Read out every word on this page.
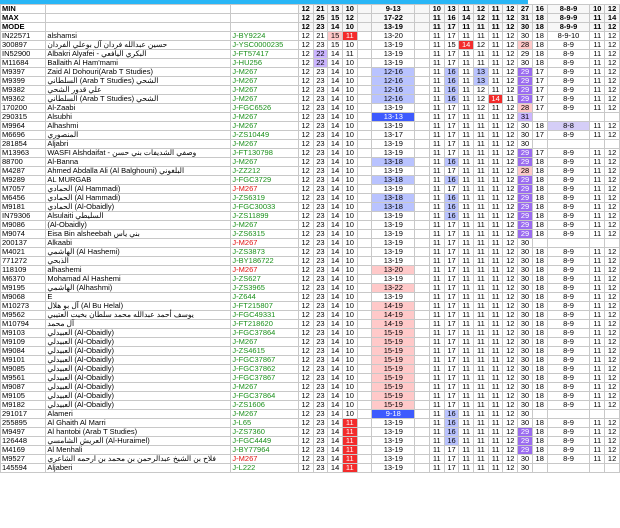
MIN			12	21	13	10		9-13		10	13	11	12	11	12	27	16	8-8-9	10	12
MAX			12	25	15	12		17-22		11	16	14	12	11	12	31	18	8-9-9	11	14
MODE			12	23	14	10		13-19		11	17	11	11	11	12	30	18	8-9-9	11	12
IN22571	alshamsi	J-BY9224	12	21	15	11		13-20		11	17	11	11	11	12	30	18	8-9-10	11	12
300897	حسين عبدالله فردان آل بوعلي الفردان	J-YSC0000235	12	23	15	10		13-19		11	15	14	12	11	12	28	18	8-9	11	12
IN52900	Albakri Alyafei - البكري اليافعي	J-FT57417	12	22	14	11		13-19		11	17	11	11	11	12	29	18	8-9	11	12
M11684	Ballaith Al Ham'mami	J-HU256	12	22	14	10		13-19		11	17	11	11	11	12	30	18	8-9	11	12
M9397	Zaid Al Dohouri(Arab T Studies)	J-M267	12	23	14	10		12-16		11	16	11	13	11	12	29	17	8-9	11	12
M9399	السلطاني (Arab T Studies) الشحي	J-M267	12	23	14	10		12-16		11	16	11	13	11	12	29	17	8-9	11	12
M9382	علي قدور الشحي	J-M267	12	23	14	10		12-16		11	16	11	12	11	12	29	17	8-9	11	12
M9362	السلطاني (Arab T Studies) الشحي	J-M267	12	23	14	10		12-16		11	16	11	12	14	11	29	17	8-9	11	12
170200	Al-Zaabi	J-FGC6526	12	23	14	10		13-19		11	17	11	12	11	12	28	17	8-9	11	12
290315	Alsubhi	J-M267	12	23	14	10		13-13		11	17	11	11	11	12	31				
M9964	Alhashmi	J-M267	12	23	14	10		13-19		11	17	11	11	11	12	30	18	8-8	11	12
M6696	المنصوري	J-ZS10449	12	23	14	10		13-17		11	17	11	11	11	12	30	17	8-9	11	12
281854	Aljabri	J-M267	12	23	14	10		13-19		11	17	11	11	11	12	30				
M13963	WASFI Alshdaifat - وصفي الشديفات بني حسن	J-FT130798	12	23	14	10		13-19		11	17	11	11	11	12	29	17	8-9	11	12
88700	Al-Banna	J-M267	12	23	14	10		13-18		11	16	11	11	11	12	29	18	8-9	11	12
M4287	Ahmed Abdalla Ali (Al Balghouni) البلغوني	J-ZZ212	12	23	14	10		13-19		11	17	11	11	11	12	28	18	8-9	11	12
M9289	AL MURGAB	J-FGC3729	12	23	14	10		13-18		11	16	11	11	11	12	29	18	8-9	11	12
M7057	الحمادي (Al Hammadi)	J-M267	12	23	14	10		13-19		11	17	11	11	11	12	29	18	8-9	11	12
M6456	الحمادي (Al Hammadi)	J-ZS6319	12	23	14	10		13-18		11	16	11	11	11	12	29	18	8-9	11	12
M9181	الحمادي (Al-Obaidly)	J-FGC30033	12	23	14	10		13-18		11	16	11	11	11	12	29	18	8-9	11	12
IN79306	Alsulaiti السليطي	J-ZS11899	12	23	14	10		13-19		11	16	11	11	11	12	29	18	8-9	11	12
M9086	(Al-Obaidly)	J-M267	12	23	14	10		13-19		11	17	11	11	11	12	29	18	8-9	11	12
M9074	Eisa Bin alsheebah بني ياس	J-ZS6315	12	23	14	10		13-19		11	17	11	11	11	12	29	18	8-9	11	12
200137	Alkaabi	J-M267	12	23	14	10		13-19		11	17	11	11	11	12	30				
M4021	الهاشمي (Al Hashemi)	J-ZS3873	12	23	14	10		13-19		11	17	11	11	11	12	30	18	8-9	11	12
771272	الذبحي	J-BY186722	12	23	14	10		13-19		11	17	11	11	11	12	30	18	8-9	11	12
118109	alhashemi	J-M267	12	23	14	10		13-20		11	17	11	11	11	12	30	18	8-9	11	12
M6370	Mohamad Al Hashemi	J-ZS627	12	23	14	10		13-19		11	17	11	11	11	12	30	18	8-9	11	12
M9195	الهاشمي (Alhashmi)	J-ZS3965	12	23	14	10		13-22		11	17	11	11	11	12	30	18	8-9	11	12
M9068	E	J-Z644	12	23	14	10		13-19		11	17	11	11	11	12	30	18	8-9	11	12
M10273	آل بو هلال (Al Bu Helal)	J-FT215807	12	23	14	10		14-19		11	17	11	11	11	12	30	18	8-9	11	12
M9562	يوسف أحمد عبدالله محمد سلطان بخيت العتيبي	J-FGC49331	12	23	14	10		14-19		11	17	11	11	11	12	30	18	8-9	11	12
M10794	آل محمد	J-FT218620	12	23	14	10		14-19		11	17	11	11	11	12	30	18	8-9	11	12
M9103	العبيدلي (Al-Obaidly)	J-FGC37864	12	23	14	10		15-19		11	17	11	11	11	12	30	18	8-9	11	12
M9109	العبيدلي (Al-Obaidly)	J-M267	12	23	14	10		15-19		11	17	11	11	11	12	30	18	8-9	11	12
M9084	العبيدلي (Al-Obaidly)	J-ZS4615	12	23	14	10		15-19		11	17	11	11	11	12	30	18	8-9	11	12
M9101	العبيدلي (Al-Obaidly)	J-FGC37867	12	23	14	10		15-19		11	17	11	11	11	12	30	18	8-9	11	12
M9085	العبيدلي (Al-Obaidly)	J-FGC37862	12	23	14	10		15-19		11	17	11	11	11	12	30	18	8-9	11	12
M9561	العبيدلي (Al-Obaidly)	J-FGC37867	12	23	14	10		15-19		11	17	11	11	11	12	30	18	8-9	11	12
M9087	العبيدلي (Al-Obaidly)	J-M267	12	23	14	10		15-19		11	17	11	11	11	12	30	18	8-9	11	12
M9105	العبيدلي (Al-Obaidly)	J-FGC37864	12	23	14	10		15-19		11	17	11	11	11	12	30	18	8-9	11	12
M9182	العبيدلي (Al-Obaidly)	J-ZS1606	12	23	14	10		15-19		11	17	11	11	11	12	30	18	8-9	11	12
291017	Alameri	J-M267	12	23	14	10		9-18		11	16	11	11	11	12	30				
255895	Al Ghaith Al Marri	J-L65	12	23	14	11		13-19		11	16	11	11	11	12	30	18	8-9	11	12
M9497	Al hantobi (Arab T Studies)	J-ZS7360	12	23	14	11		13-19		11	16	11	11	11	12	29	18	8-9	11	12
126448	العريش الشامسي (Al-Huraimel)	J-FGC4449	12	23	14	11		13-19		11	16	11	11	11	12	29	18	8-9	11	12
M4169	Al Menhali	J-BY77964	12	23	14	11		13-19		11	17	11	11	11	12	29	18	8-9	11	12
M9527	فلاح بن الشيخ عبدالرحمن بن محمد بن ارحمه الشاعري	J-M267	12	23	14	11		13-19		11	17	11	11	11	12	30	18	8-9	11	12
145594	Aljaberi	J-L222	12	23	14	11		13-19		11	17	11	11	11	12	30				
